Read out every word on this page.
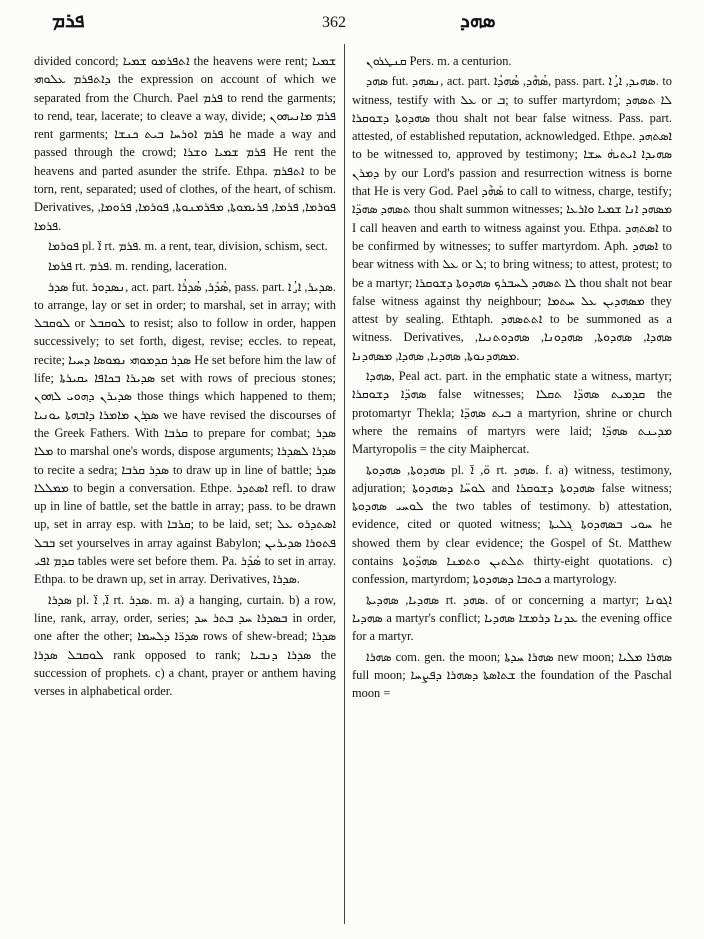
ܦܪܡ	362	ܣܗܕ

divided concord; ܐܬܦܪܡܘ ܫܡܝܐ the heavens were rent; ܫܡܝܐ ܕܐܬܦܪܡ ܥܠܘܗܝ the expression on account of which we separated from the Church. Pael ܦܪܡ to rend the garments; to rend, tear, lacerate; to cleave a way, divide; ܦܪܡ ܡܐܢܝܗܘܢ rent garments; ܦܪܡ ܐܘܪܚܐ ܒܝܬ ܟܢܫܐ he made a way and passed through the crowd; ܦܪܡ ܫܡܝܐ ܘܫܪܐ He rent the heavens and parted asunder the strife. Ethpa. ܐܬܦܪܡ to be torn, rent, separated; used of clothes, of the heart, of schism. Derivatives, ܦܘܪܡܐ, ܦܪܡܐ, ܦܪܝܡܘܬܐ, ܡܦܪܡܢܘܬܐ, ܦܘܪܡܐ, ܦܪܘܡܐ, ܦܪܡܐ.

ܦܘܪܡܐ pl. ܐ̈ rt. ܦܪܡ. m. a rent, tear, division, schism, sect.

ܦܪܡܐ rt. ܦܪܡ. m. rending, laceration.

ܣܕܪ fut. ܢܣܕܘܪ, act. part. ܣܳܕܰܪ, ܣܳܕܪܳܐ, pass. part. ܣܕܝܪ, ܐ̱, ܳܐ. to arrange, lay or set in order; to marshal, set in array; with ܠܘܩܒܠ or ܠܘܩܒܠ to resist; also to follow in order, happen successively; to set forth, digest, revise; eccles. to repeat, recite; ܣܕܪ ܩܕܡܘܗܝ ܢܡܘܣܐ ܕܚܝܐ He set before him the law of life; ܣܕܝܪܐ ܒܟܐܦܐ ܝܩܝܪܬܐ set with rows of precious stones; ܣܕܝܪܢ ܕܗܘܝ ܠܗܘܢ those things which happened to them; ܣܕܪܢ ܡܐܡܪܐ ܕܐܒܗܬܐ ܝܘܢܝܐ we have revised the discourses of the Greek Fathers. With ܩܪܒܐ to prepare for combat; ܣܕܪ ܡܠܐ to marshal one's words, dispose arguments; ܣܕܪܐ ܠܣܕܪܐ to recite a sedra; ܣܕܪ ܩܪܒܐ to draw up in line of battle; ܣܕܪ ܡܡܠܠܐ to begin a conversation. Ethpe. ܐܣܬܕܪ refl. to draw up in line of battle, set the battle in array; pass. to be drawn up, set in array esp. with ܩܪܒܐ; to be laid, set; ܐܣܬܕܪܘ ܥܠ ܒܒܠ set yourselves in array against Babylon; ܦܬܘܪܐ ܣܕܝܪܝܢ ܩܕܡ ܐܦܝ tables were set before them. Pa. ܣܰܕܰܪ to set in array. Ethpa. to be drawn up, set in array. Derivatives, ܣܕܪܐ.

ܣܕܪܐ pl. ܐ̈, ܐ̈ rt. ܣܕܪ. m. a) a hanging, curtain. b) a row, line, rank, array, order, series; ܒܣܕܪܐ ܚܕ ܒܬܪ ܚܕ in order, one after the other; ܣܕܪ̈ܐ ܕܠܚܡܐ rows of shew-bread; ܣܕܪܐ ܠܘܩܒܠ ܣܕܪܐ rank opposed to rank; ܣܕܪܐ ܕܢܒܝܐ the succession of prophets. c) a chant, prayer or anthem having verses in alphabetical order.

ܩܢܛܪܘܢ Pers. m. a centurion.

ܣܗܕ fut. ܢܣܗܕ, act. part. ܣܳܗܶܕ, ܣܳܗܕܳܐ, pass. part. ܣܗܝܕ, ܐ̱, ܳܐ. to witness, testify with ܥܠ or ܒ; to suffer martyrdom; ܠܐ ܬܣܗܕ ܣܗܕܘܬܐ ܕܫܘܩܪܐ thou shalt not bear false witness. Pass. part. attested, of established reputation, acknowledged. Ethpe. ܐܣܬܗܕ to be witnessed to, approved by testimony; ܣܗܝܕܐ ܐܝܬܝܗ̇ ܚܫܐ ܕܡܪܢ by our Lord's passion and resurrection witness is borne that He is very God. Pael ܣܰܗܶܕ to call to witness, charge, testify; ܬܣܗܕ ܣܗܕ̈ܐ thou shalt summon witnesses; ܡܣܗܕ ܐܢܐ ܫܡܝܐ ܘܐܪܥܐ I call heaven and earth to witness against you. Ethpa. ܐܣܬܗܕ to be confirmed by witnesses; to suffer martyrdom. Aph. ܐܣܗܕ to bear witness with ܥܠ or ܠ; to bring witness; to attest, protest; to be a martyr; ܠܐ ܬܣܗܕ ܠܚܒܪܟ ܣܗܕܘܬܐ ܕܫܘܩܪܐ thou shalt not bear false witness against thy neighbour; ܡܣܗܕܝܢ ܥܠ ܚܬܡܐ they attest by sealing. Ethtaph. ܐܬܬܣܗܕ to be summoned as a witness. Derivatives, ܣܗܕܐ, ܣܗܕܘܬܐ, ܣܗܕܘܢܐ, ܣܗܕܘܬܢܝܐ, ܡܣܗܕܢܘܬܐ, ܣܗܕܝܐ, ܣܗܕܐ, ܡܣܗܕܢܐ.

ܣܗܕܐ, Peal act. part. in the emphatic state a witness, martyr; ܣܗܕ̈ܐ ܕܫܘܩܪܐ false witnesses; ܩܕܡܝܬ ܣܗܕ̈ܐ ܬܩܠܐ the protomartyr Thekla; ܒܝܬ ܣܗܕ̈ܐ a martyrion, shrine or church where the remains of martyrs were laid; ܡܕܝܢܬ ܣܗܕ̈ܐ Martyropolis = the city Maiphercat.

ܣܗܕܘܬܐ, ܣܗܕܘܬܐ pl. ܘ̈, ܐ̈ rt. ܣܗܕ. f. a) witness, testimony, adjuration; ܠܘܚ̈ܐ ܕܣܗܕܘܬܐ and ܣܗܕܘܬܐ ܕܫܘܩܪܐ false witness; ܠܘܚܝ ܣܗܕܘܬܐ the two tables of testimony. b) attestation, evidence, cited or quoted witness; ܚܘܝ ܒܣܗܕܘܬܐ ܓܠܝܬܐ he showed them by clear evidence; the Gospel of St. Matthew contains ܬܠܬܝܢ ܘܬܡܢܐ ܣܗܕ̈ܘܬܐ thirty-eight quotations. c) confession, martyrdom; ܟܬܒܐ ܕܣܗܕܘܬܐ a martyrology.

ܣܗܕܝܐ, ܣܗܕܝܬܐ rt. ܣܗܕ. of or concerning a martyr; ܐܓܘܢܐ ܣܗܕܝܐ a martyr's conflict; ܥܕܢܐ ܕܪܡܫܐ ܣܗܕܝܐ the evening office for a martyr.

ܣܗܪܐ com. gen. the moon; ܣܗܪܐ ܚܕܬܐ new moon; ܣܗܪܐ ܡܠܝܐ full moon; ܫܬܐܣܬܐ ܕܣܗܪܐ ܕܦܨܚܐ the foundation of the Paschal moon =
